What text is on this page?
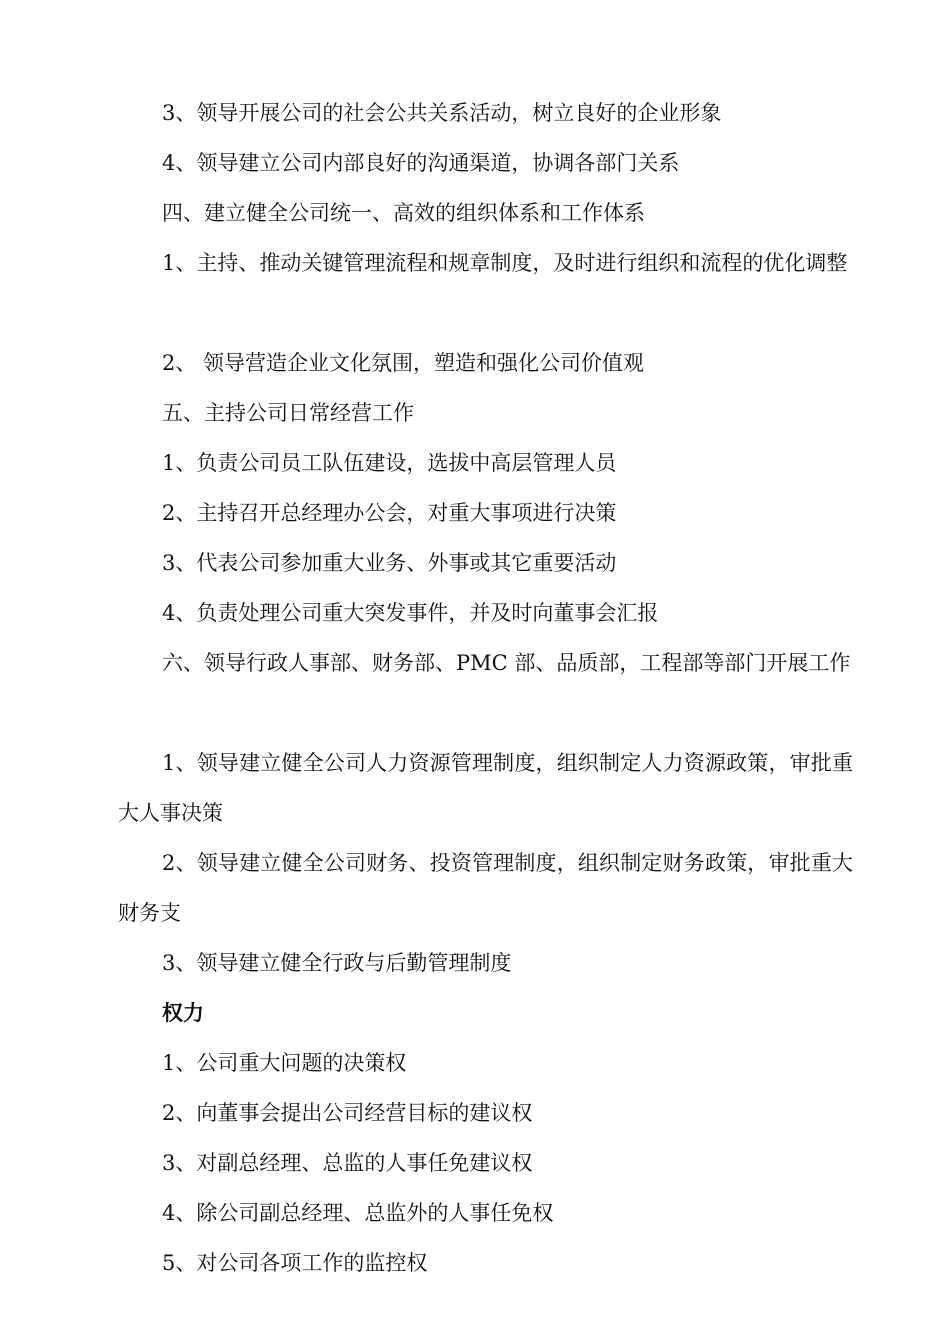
3、领导开展公司的社会公共关系活动，树立良好的企业形象

4、领导建立公司内部良好的沟通渠道，协调各部门关系

四、建立健全公司统一、高效的组织体系和工作体系

1、主持、推动关键管理流程和规章制度，及时进行组织和流程的优化调整

2、 领导营造企业文化氛围，塑造和强化公司价值观

五、主持公司日常经营工作

1、负责公司员工队伍建设，选拔中高层管理人员

2、主持召开总经理办公会，对重大事项进行决策

3、代表公司参加重大业务、外事或其它重要活动

4、负责处理公司重大突发事件，并及时向董事会汇报

六、领导行政人事部、财务部、PMC 部、品质部，工程部等部门开展工作

1、领导建立健全公司人力资源管理制度，组织制定人力资源政策，审批重大人事决策

2、领导建立健全公司财务、投资管理制度，组织制定财务政策，审批重大财务支

3、领导建立健全行政与后勤管理制度

权力

1、公司重大问题的决策权

2、向董事会提出公司经营目标的建议权

3、对副总经理、总监的人事任免建议权

4、除公司副总经理、总监外的人事任免权

5、对公司各项工作的监控权
